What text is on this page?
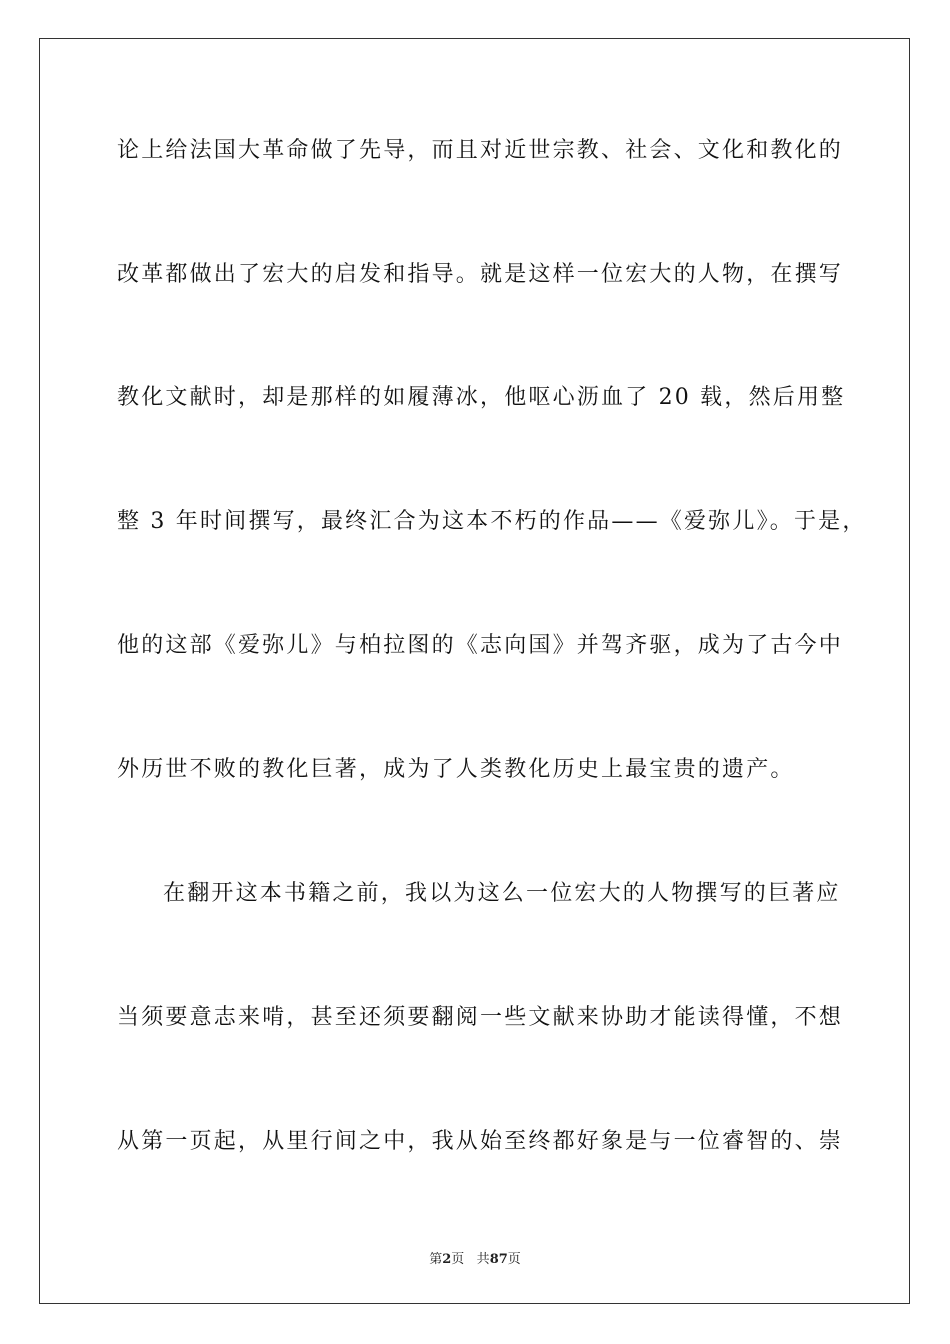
论上给法国大革命做了先导，而且对近世宗教、社会、文化和教化的
改革都做出了宏大的启发和指导。就是这样一位宏大的人物，在撰写
教化文献时，却是那样的如履薄冰，他呕心沥血了 20 载，然后用整
整 3 年时间撰写，最终汇合为这本不朽的作品——《爱弥儿》。于是，
他的这部《爱弥儿》与柏拉图的《志向国》并驾齐驱，成为了古今中
外历世不败的教化巨著，成为了人类教化历史上最宝贵的遗产。
在翻开这本书籍之前，我以为这么一位宏大的人物撰写的巨著应
当须要意志来啃，甚至还须要翻阅一些文献来协助才能读得懂，不想
从第一页起，从里行间之中，我从始至终都好象是与一位睿智的、崇
第2页 共87页
